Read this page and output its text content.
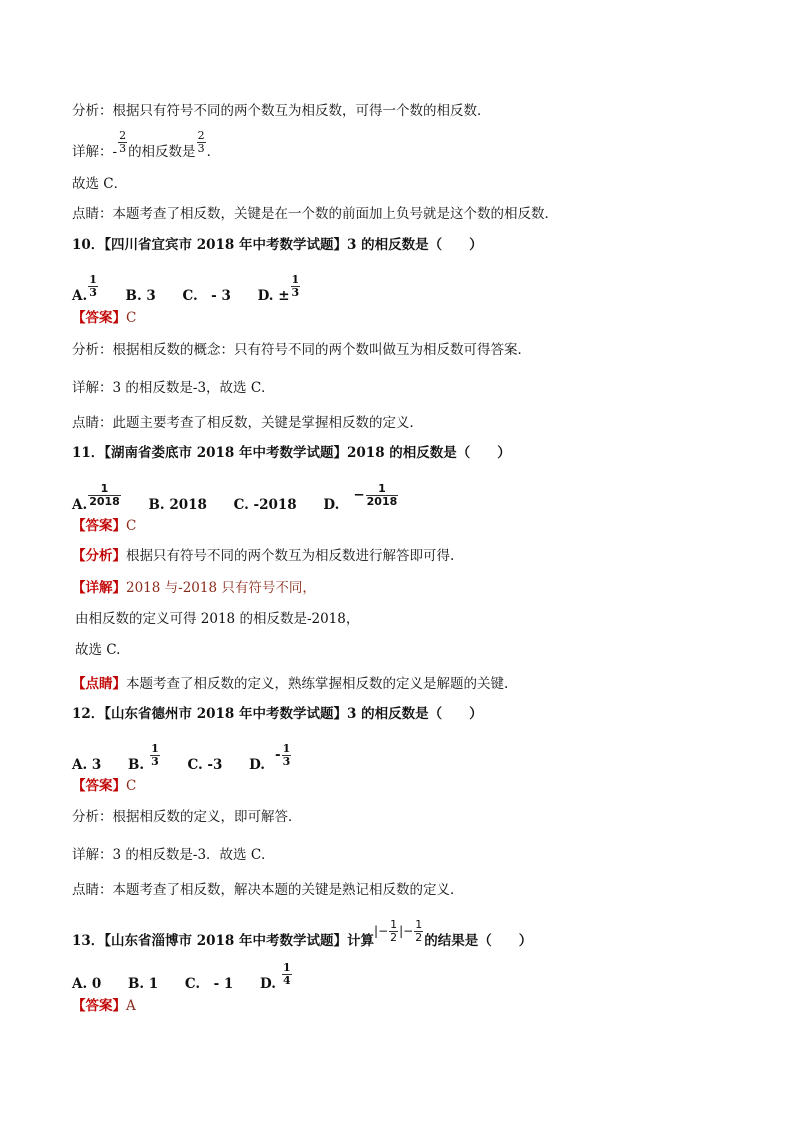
分析：根据只有符号不同的两个数互为相反数，可得一个数的相反数．
详解：- $\frac{2}{3}$ 的相反数是 $\frac{2}{3}$ ．
故选 C．
点睛：本题考查了相反数，关键是在一个数的前面加上负号就是这个数的相反数．
10．【四川省宜宾市 2018 年中考数学试题】3 的相反数是（　　）
A. $\frac{1}{3} B$. 3 C.　- 3 D. ± $\frac{1}{3}$
【答案】C
分析：根据相反数的概念：只有符号不同的两个数叫做互为相反数可得答案．
详解：3 的相反数是-3，故选 C．
点睛：此题主要考查了相反数，关键是掌握相反数的定义．
11．【湖南省娄底市 2018 年中考数学试题】2018 的相反数是（　　）
A. $\frac{1}{2018} B$. 2018 C. -2018 $D.- \frac{1}{2018}$
【答案】C
【分析】根据只有符号不同的两个数互为相反数进行解答即可得.
【详解】2018 与-2018 只有符号不同，
由相反数的定义可得 2018 的相反数是-2018，
故选 C.
【点睛】本题考查了相反数的定义，熟练掌握相反数的定义是解题的关键.
12．【山东省德州市 2018 年中考数学试题】3 的相反数是（　　）
A. 3 B. $\frac{1}{3} C$. -3 $D.- \frac{1}{3}$
【答案】C
分析：根据相反数的定义，即可解答．
详解：3 的相反数是-3．故选 C．
点睛：本题考查了相反数，解决本题的关键是熟记相反数的定义．
13．【山东省淄博市 2018 年中考数学试题】计算|− $\frac{1}{2}$ |− $\frac{1}{2}$ 的结果是（　　）
A. 0 B. 1 C.　- 1 D. $\frac{1}{4}$
【答案】A
